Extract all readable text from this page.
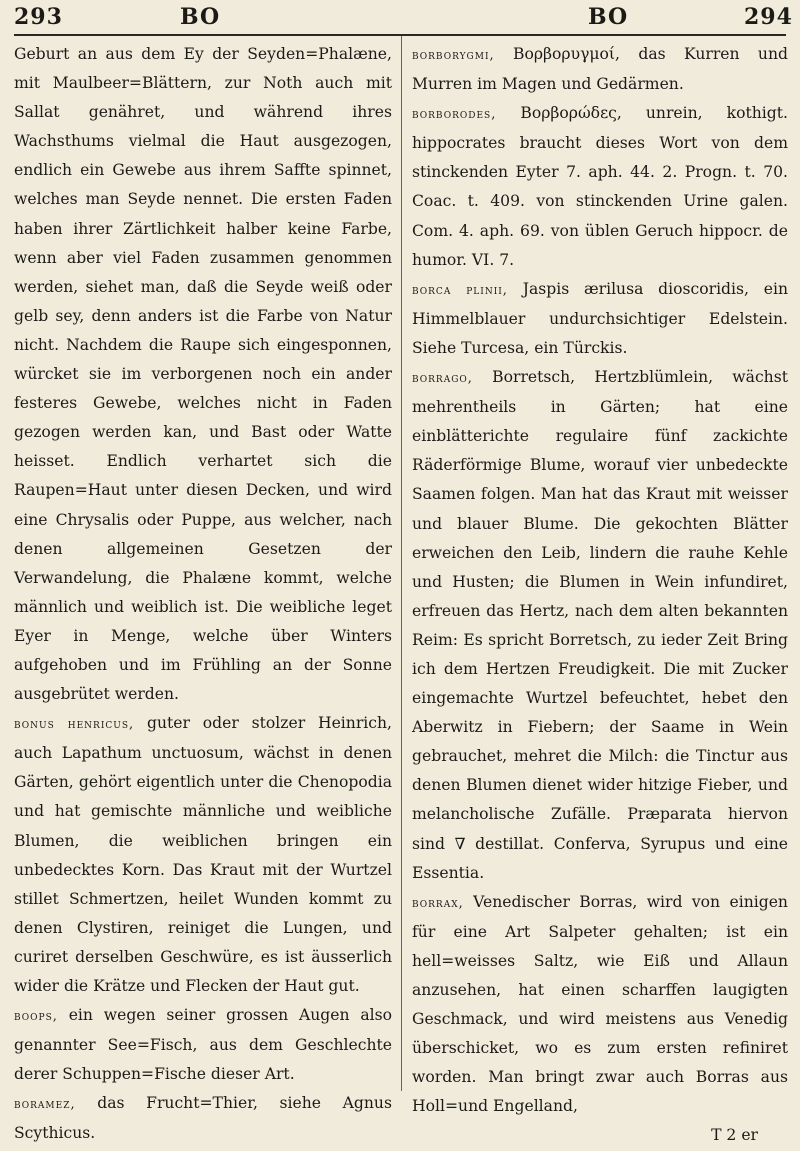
293	BO	BO	294

Geburt an aus dem Ey der Seyden=Phalæne, mit Maulbeer=Blättern, zur Noth auch mit Sallat genähret, und während ihres Wachsthums vielmal die Haut ausgezogen, endlich ein Gewebe aus ihrem Saffte spinnet, welches man Seyde nennet. Die ersten Faden haben ihrer Zärtlichkeit halber keine Farbe, wenn aber viel Faden zusammen genommen werden, siehet man, daß die Seyde weiß oder gelb sey, denn anders ist die Farbe von Natur nicht. Nachdem die Raupe sich eingesponnen, würcket sie im verborgenen noch ein ander festeres Gewebe, welches nicht in Faden gezogen werden kan, und Bast oder Watte heisset. Endlich verhartet sich die Raupen=Haut unter diesen Decken, und wird eine Chrysalis oder Puppe, aus welcher, nach denen allgemeinen Gesetzen der Verwandelung, die Phalæne kommt, welche männlich und weiblich ist. Die weibliche leget Eyer in Menge, welche über Winters aufgehoben und im Frühling an der Sonne ausgebrütet werden.

bonus henricus, guter oder stolzer Heinrich, auch Lapathum unctuosum, wächst in denen Gärten, gehört eigentlich unter die Chenopodia und hat gemischte männliche und weibliche Blumen, die weiblichen bringen ein unbedecktes Korn. Das Kraut mit der Wurtzel stillet Schmertzen, heilet Wunden kommt zu denen Clystiren, reiniget die Lungen, und curiret derselben Geschwüre, es ist äusserlich wider die Krätze und Flecken der Haut gut.

boops, ein wegen seiner grossen Augen also genannter See=Fisch, aus dem Geschlechte derer Schuppen=Fische dieser Art.

boramez, das Frucht=Thier, siehe Agnus Scythicus.

borborygmi, Βορβορυγμοί, das Kurren und Murren im Magen und Gedärmen.

borborodes, Βορβορώδες, unrein, kothigt. hippocrates braucht dieses Wort von dem stinckenden Eyter 7. aph. 44. 2. Progn. t. 70. Coac. t. 409. von stinckenden Urine galen. Com. 4. aph. 69. von üblen Geruch hippocr. de humor. VI. 7.

borca plinii, Jaspis ærilusa dioscoridis, ein Himmelblauer undurchsichtiger Edelstein. Siehe Turcesa, ein Türckis.

borrago, Borretsch, Hertzblümlein, wächst mehrentheils in Gärten; hat eine einblätterichte regulaire fünf zackichte Räderförmige Blume, worauf vier unbedeckte Saamen folgen. Man hat das Kraut mit weisser und blauer Blume. Die gekochten Blätter erweichen den Leib, lindern die rauhe Kehle und Husten; die Blumen in Wein infundiret, erfreuen das Hertz, nach dem alten bekannten Reim: Es spricht Borretsch, zu ieder Zeit Bring ich dem Hertzen Freudigkeit. Die mit Zucker eingemachte Wurtzel befeuchtet, hebet den Aberwitz in Fiebern; der Saame in Wein gebrauchet, mehret die Milch: die Tinctur aus denen Blumen dienet wider hitzige Fieber, und melancholische Zufälle. Præparata hiervon sind ∇ destillat. Conferva, Syrupus und eine Essentia.

borrax, Venedischer Borras, wird von einigen für eine Art Salpeter gehalten; ist ein hell=weisses Saltz, wie Eiß und Allaun anzusehen, hat einen scharffen laugigten Geschmack, und wird meistens aus Venedig überschicket, wo es zum ersten refiniret worden. Man bringt zwar auch Borras aus Holl=und Engelland,

T 2 er
